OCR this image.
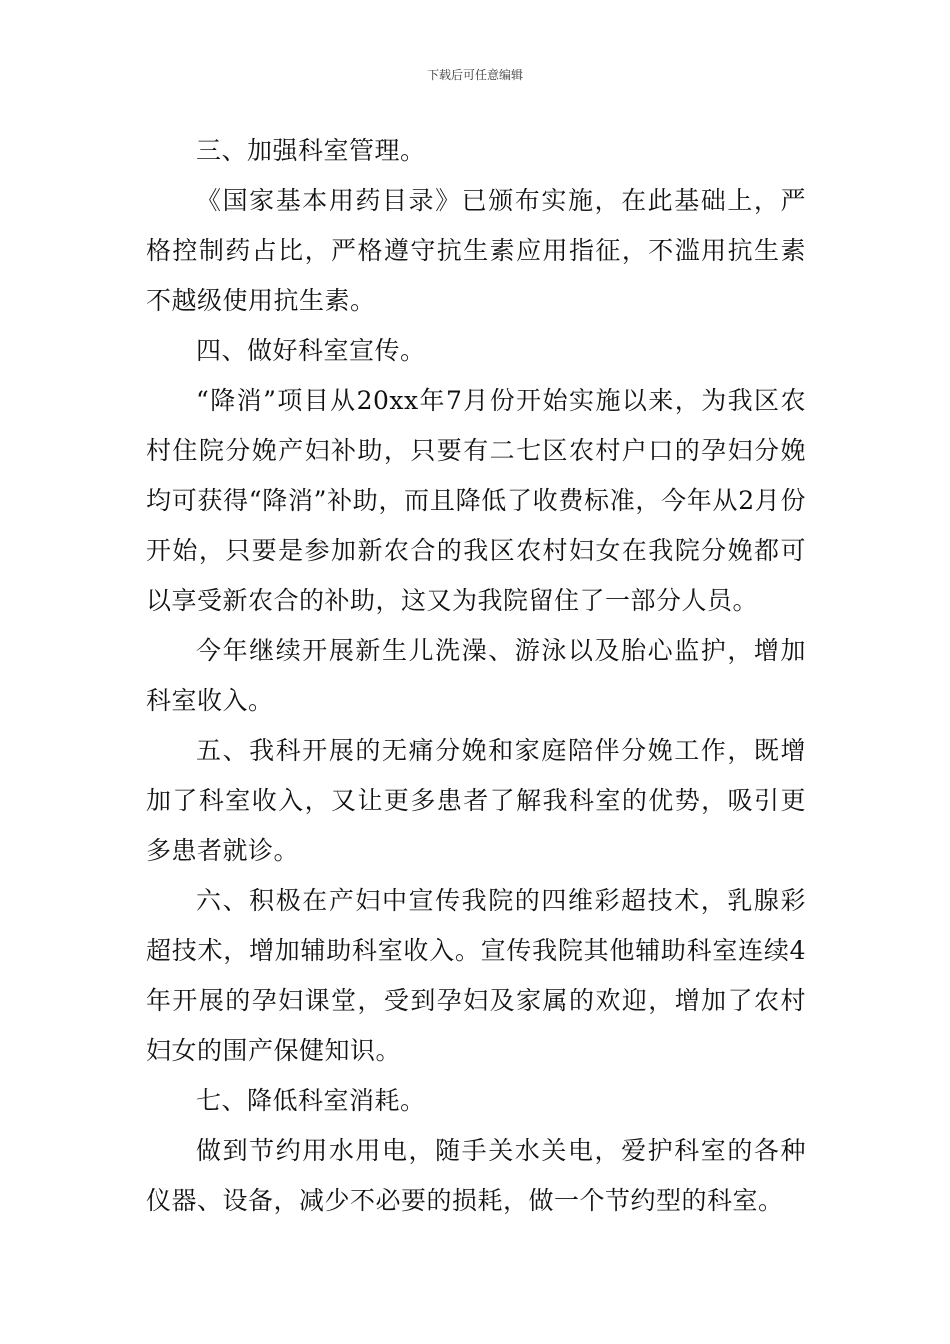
下载后可任意编辑

三、加强科室管理。

《国家基本用药目录》已颁布实施，在此基础上，严格控制药占比，严格遵守抗生素应用指征，不滥用抗生素不越级使用抗生素。

四、做好科室宣传。

“降消”项目从20xx年7月份开始实施以来，为我区农村住院分娩产妇补助，只要有二七区农村户口的孕妇分娩均可获得“降消”补助，而且降低了收费标准，今年从2月份开始，只要是参加新农合的我区农村妇女在我院分娩都可以享受新农合的补助，这又为我院留住了一部分人员。

今年继续开展新生儿洗澡、游泳以及胎心监护，增加科室收入。

五、我科开展的无痛分娩和家庭陪伴分娩工作，既增加了科室收入，又让更多患者了解我科室的优势，吸引更多患者就诊。

六、积极在产妇中宣传我院的四维彩超技术，乳腺彩超技术，增加辅助科室收入。宣传我院其他辅助科室连续4年开展的孕妇课堂，受到孕妇及家属的欢迎，增加了农村妇女的围产保健知识。

七、降低科室消耗。

做到节约用水用电，随手关水关电，爱护科室的各种仪器、设备，减少不必要的损耗，做一个节约型的科室。
